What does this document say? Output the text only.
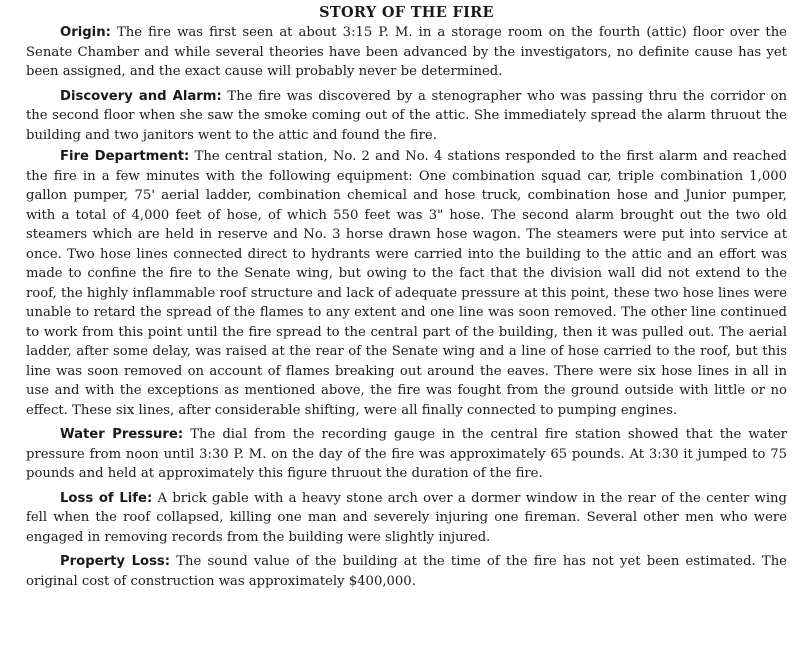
STORY OF THE FIRE

Origin: The fire was first seen at about 3:15 P. M. in a storage room on the fourth (attic) floor over the Senate Chamber and while several theories have been advanced by the investigators, no definite cause has yet been assigned, and the exact cause will probably never be determined.

Discovery and Alarm: The fire was discovered by a stenographer who was passing thru the corridor on the second floor when she saw the smoke coming out of the attic. She immediately spread the alarm thruout the building and two janitors went to the attic and found the fire.

Fire Department: The central station, No. 2 and No. 4 stations responded to the first alarm and reached the fire in a few minutes with the following equipment: One combination squad car, triple combination 1,000 gallon pumper, 75' aerial ladder, combination chemical and hose truck, combination hose and Junior pumper, with a total of 4,000 feet of hose, of which 550 feet was 3" hose. The second alarm brought out the two old steamers which are held in reserve and No. 3 horse drawn hose wagon. The steamers were put into service at once. Two hose lines connected direct to hydrants were carried into the building to the attic and an effort was made to confine the fire to the Senate wing, but owing to the fact that the division wall did not extend to the roof, the highly inflammable roof structure and lack of adequate pressure at this point, these two hose lines were unable to retard the spread of the flames to any extent and one line was soon removed. The other line continued to work from this point until the fire spread to the central part of the building, then it was pulled out. The aerial ladder, after some delay, was raised at the rear of the Senate wing and a line of hose carried to the roof, but this line was soon removed on account of flames breaking out around the eaves. There were six hose lines in all in use and with the exceptions as mentioned above, the fire was fought from the ground outside with little or no effect. These six lines, after considerable shifting, were all finally connected to pumping engines.

Water Pressure: The dial from the recording gauge in the central fire station showed that the water pressure from noon until 3:30 P. M. on the day of the fire was approximately 65 pounds. At 3:30 it jumped to 75 pounds and held at approximately this figure thruout the duration of the fire.

Loss of Life: A brick gable with a heavy stone arch over a dormer window in the rear of the center wing fell when the roof collapsed, killing one man and severely injuring one fireman. Several other men who were engaged in removing records from the building were slightly injured.

Property Loss: The sound value of the building at the time of the fire has not yet been estimated. The original cost of construction was approximately $400,000.
